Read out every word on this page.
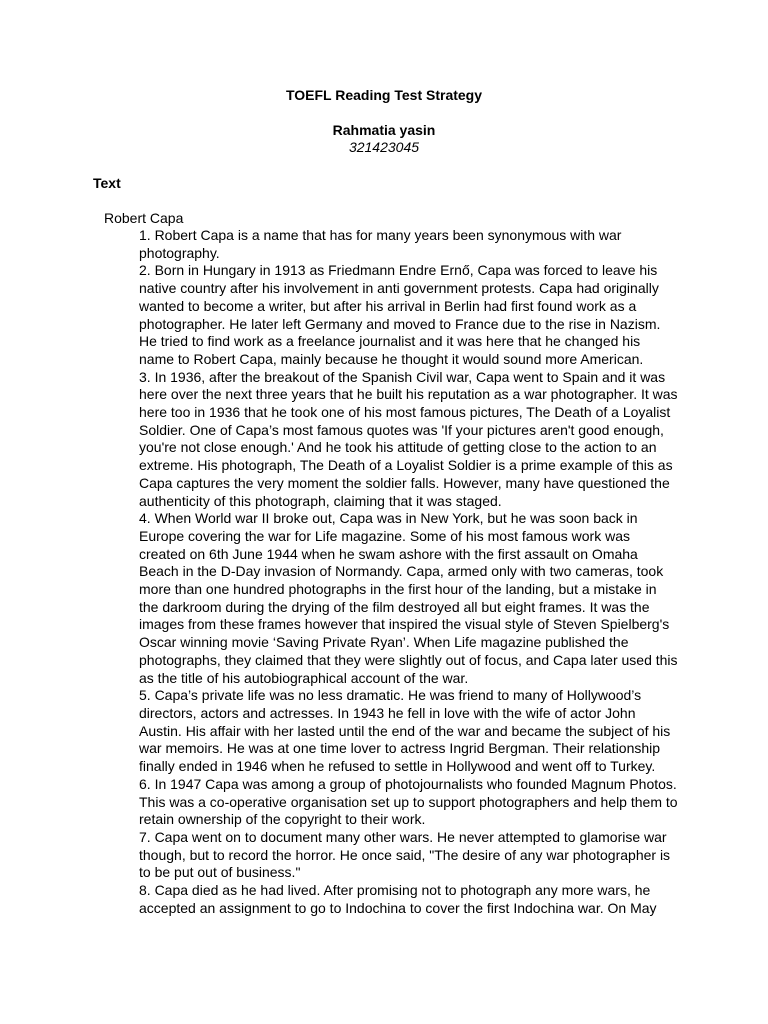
TOEFL Reading Test Strategy
Rahmatia yasin
321423045
Text
Robert Capa

1. Robert Capa is a name that has for many years been synonymous with war photography.

2. Born in Hungary in 1913 as Friedmann Endre Ernő, Capa was forced to leave his native country after his involvement in anti government protests. Capa had originally wanted to become a writer, but after his arrival in Berlin had first found work as a photographer. He later left Germany and moved to France due to the rise in Nazism. He tried to find work as a freelance journalist and it was here that he changed his name to Robert Capa, mainly because he thought it would sound more American.

3. In 1936, after the breakout of the Spanish Civil war, Capa went to Spain and it was here over the next three years that he built his reputation as a war photographer. It was here too in 1936 that he took one of his most famous pictures, The Death of a Loyalist Soldier. One of Capa’s most famous quotes was 'If your pictures aren't good enough, you're not close enough.' And he took his attitude of getting close to the action to an extreme. His photograph, The Death of a Loyalist Soldier is a prime example of this as Capa captures the very moment the soldier falls. However, many have questioned the authenticity of this photograph, claiming that it was staged.

4. When World war II broke out, Capa was in New York, but he was soon back in Europe covering the war for Life magazine. Some of his most famous work was created on 6th June 1944 when he swam ashore with the first assault on Omaha Beach in the D-Day invasion of Normandy. Capa, armed only with two cameras, took more than one hundred photographs in the first hour of the landing, but a mistake in the darkroom during the drying of the film destroyed all but eight frames. It was the images from these frames however that inspired the visual style of Steven Spielberg's Oscar winning movie ‘Saving Private Ryan’. When Life magazine published the photographs, they claimed that they were slightly out of focus, and Capa later used this as the title of his autobiographical account of the war.

5. Capa’s private life was no less dramatic. He was friend to many of Hollywood’s directors, actors and actresses. In 1943 he fell in love with the wife of actor John Austin. His affair with her lasted until the end of the war and became the subject of his war memoirs. He was at one time lover to actress Ingrid Bergman. Their relationship finally ended in 1946 when he refused to settle in Hollywood and went off to Turkey.

6. In 1947 Capa was among a group of photojournalists who founded Magnum Photos. This was a co-operative organisation set up to support photographers and help them to retain ownership of the copyright to their work.

7. Capa went on to document many other wars. He never attempted to glamorise war though, but to record the horror. He once said, "The desire of any war photographer is to be put out of business."

8. Capa died as he had lived. After promising not to photograph any more wars, he accepted an assignment to go to Indochina to cover the first Indochina war. On May
